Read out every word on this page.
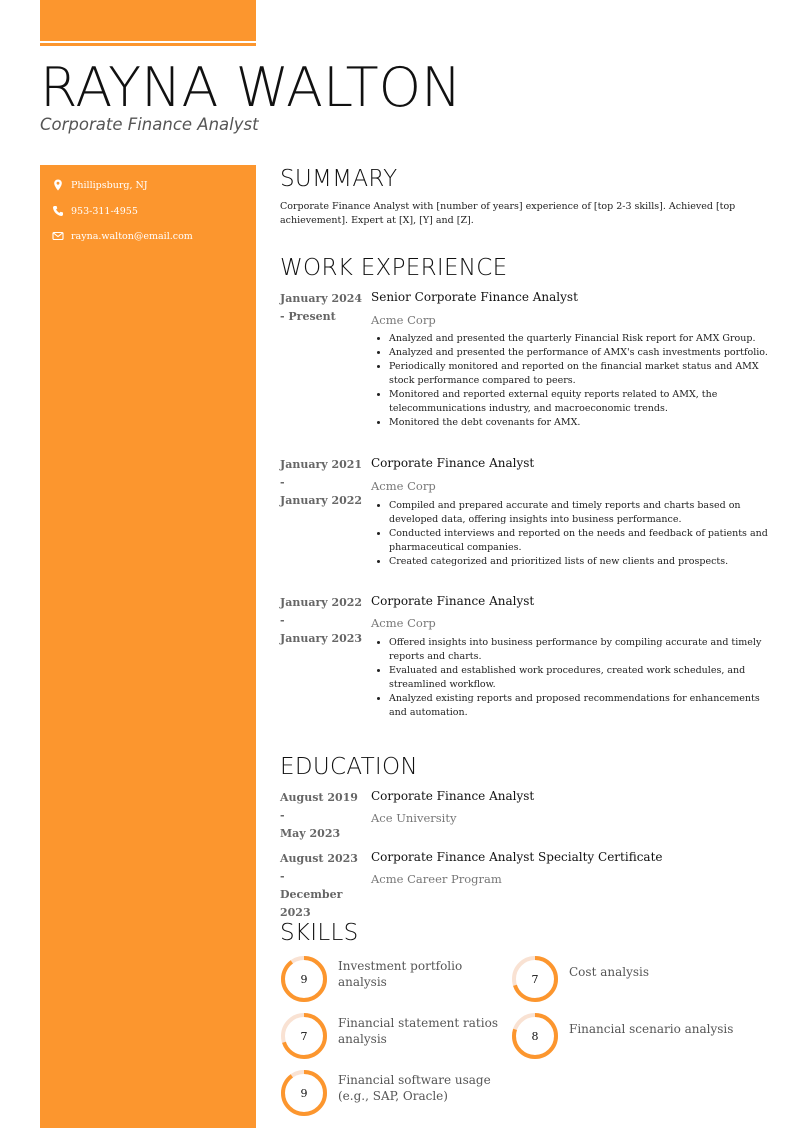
RAYNA WALTON
Corporate Finance Analyst
Phillipsburg, NJ
953-311-4955
rayna.walton@email.com
SUMMARY
Corporate Finance Analyst with [number of years] experience of [top 2-3 skills]. Achieved [top achievement]. Expert at [X], [Y] and [Z].
WORK EXPERIENCE
January 2024
- Present
Senior Corporate Finance Analyst
Acme Corp
• Analyzed and presented the quarterly Financial Risk report for AMX Group.
• Analyzed and presented the performance of AMX's cash investments portfolio.
• Periodically monitored and reported on the financial market status and AMX stock performance compared to peers.
• Monitored and reported external equity reports related to AMX, the telecommunications industry, and macroeconomic trends.
• Monitored the debt covenants for AMX.
January 2021
-
January 2022
Corporate Finance Analyst
Acme Corp
• Compiled and prepared accurate and timely reports and charts based on developed data, offering insights into business performance.
• Conducted interviews and reported on the needs and feedback of patients and pharmaceutical companies.
• Created categorized and prioritized lists of new clients and prospects.
January 2022
-
January 2023
Corporate Finance Analyst
Acme Corp
• Offered insights into business performance by compiling accurate and timely reports and charts.
• Evaluated and established work procedures, created work schedules, and streamlined workflow.
• Analyzed existing reports and proposed recommendations for enhancements and automation.
EDUCATION
August 2019 -
May 2023
Corporate Finance Analyst
Ace University
August 2023 -
December 2023
Corporate Finance Analyst Specialty Certificate
Acme Career Program
SKILLS
9
Investment portfolio analysis	7	Cost analysis
7
Financial statement ratios analysis	8	Financial scenario analysis
9
Financial software usage (e.g., SAP, Oracle)
